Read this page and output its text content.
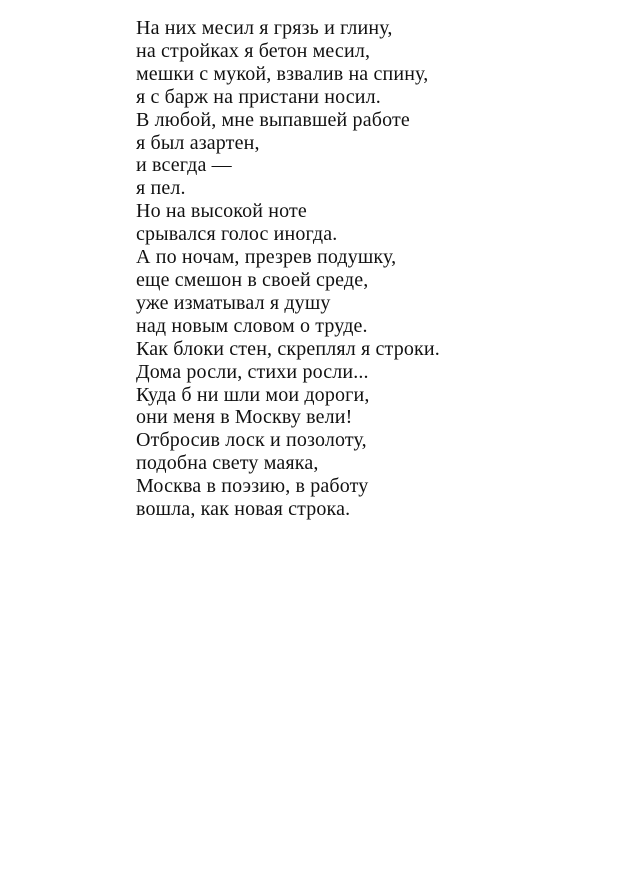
На них месил я грязь и глину,
на стройках я бетон месил,
мешки с мукой, взвалив на спину,
я с барж на пристани носил.
В любой, мне выпавшей работе
я был азартен,
и всегда —
я пел.
Но на высокой ноте
срывался голос иногда.
А по ночам, презрев подушку,
еще смешон в своей среде,
уже изматывал я душу
над новым словом о труде.
Как блоки стен, скреплял я строки.
Дома росли, стихи росли...
Куда б ни шли мои дороги,
они меня в Москву вели!
Отбросив лоск и позолоту,
подобна свету маяка,
Москва в поэзию, в работу
вошла, как новая строка.
